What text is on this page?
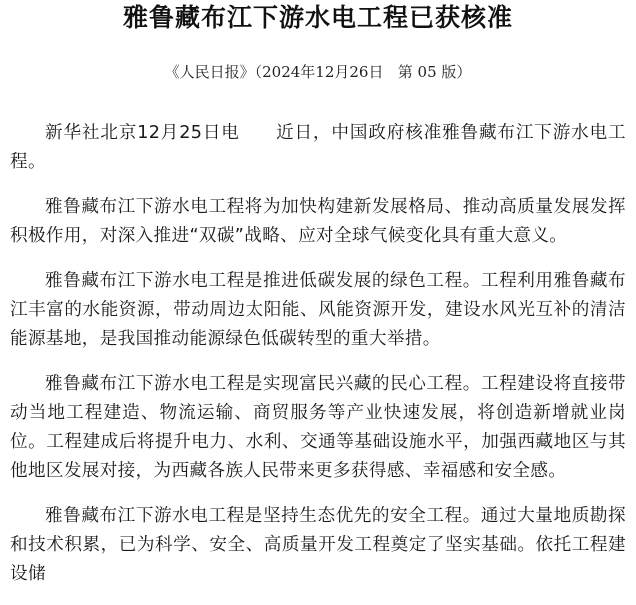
雅鲁藏布江下游水电工程已获核准
《人民日报》（2024年12月26日 第 05 版）

新华社北京12月25日电   近日，中国政府核准雅鲁藏布江下游水电工程。

雅鲁藏布江下游水电工程将为加快构建新发展格局、推动高质量发展发挥积极作用，对深入推进“双碳”战略、应对全球气候变化具有重大意义。

雅鲁藏布江下游水电工程是推进低碳发展的绿色工程。工程利用雅鲁藏布江丰富的水能资源，带动周边太阳能、风能资源开发，建设水风光互补的清洁能源基地，是我国推动能源绿色低碳转型的重大举措。

雅鲁藏布江下游水电工程是实现富民兴藏的民心工程。工程建设将直接带动当地工程建造、物流运输、商贸服务等产业快速发展，将创造新增就业岗位。工程建成后将提升电力、水利、交通等基础设施水平，加强西藏地区与其他地区发展对接，为西藏各族人民带来更多获得感、幸福感和安全感。

雅鲁藏布江下游水电工程是坚持生态优先的安全工程。通过大量地质勘探和技术积累，已为科学、安全、高质量开发工程奠定了坚实基础。依托工程建设储
